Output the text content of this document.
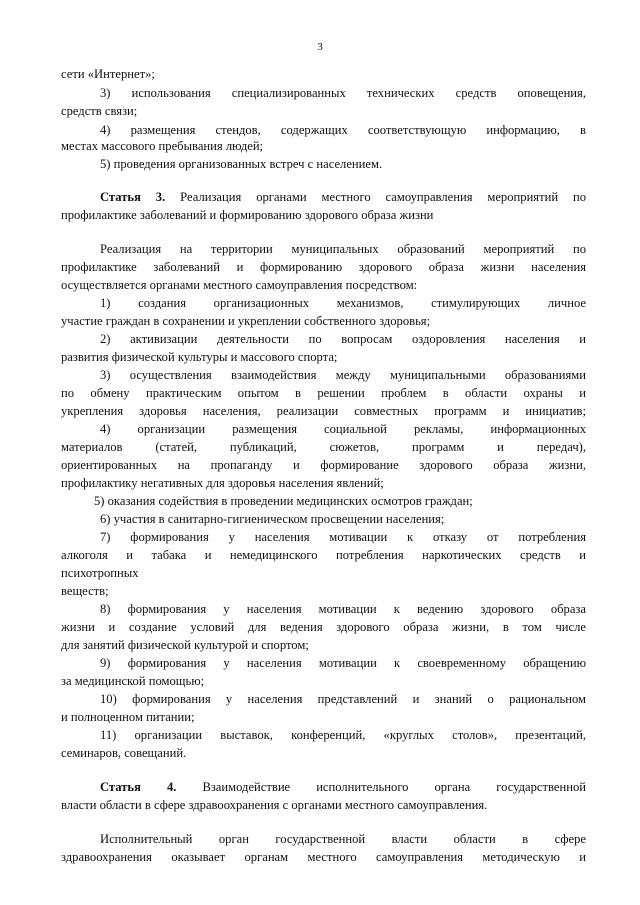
3
сети «Интернет»;
3) использования специализированных технических средств оповещения,
средств связи;
4) размещения стендов, содержащих соответствующую информацию, в
местах массового пребывания людей;
5) проведения организованных встреч с населением.
Статья 3. Реализация органами местного самоуправления мероприятий по
профилактике заболеваний и формированию здорового образа жизни
Реализация на территории муниципальных образований мероприятий по
профилактике заболеваний и формированию здорового образа жизни населения
осуществляется органами местного самоуправления посредством:
1) создания организационных механизмов, стимулирующих личное
участие граждан в сохранении и укреплении собственного здоровья;
2) активизации деятельности по вопросам оздоровления населения и
развития физической культуры и массового спорта;
3) осуществления взаимодействия между муниципальными образованиями
по обмену практическим опытом в решении проблем в области охраны и
укрепления здоровья населения, реализации совместных программ и инициатив;
4) организации размещения социальной рекламы, информационных
материалов (статей, публикаций, сюжетов, программ и передач),
ориентированных на пропаганду и формирование здорового образа жизни,
профилактику негативных для здоровья населения явлений;
5) оказания содействия в проведении медицинских осмотров граждан;
6) участия в санитарно-гигиеническом просвещении населения;
7) формирования у населения мотивации к отказу от потребления
алкоголя и табака и немедицинского потребления наркотических средств и
психотропных
веществ;
8) формирования у населения мотивации к ведению здорового образа
жизни и создание условий для ведения здорового образа жизни, в том числе
для занятий физической культурой и спортом;
9) формирования у населения мотивации к своевременному обращению
за медицинской помощью;
10) формирования у населения представлений и знаний о рациональном
и полноценном питании;
11) организации выставок, конференций, «круглых столов», презентаций,
семинаров, совещаний.
Статья 4. Взаимодействие исполнительного органа государственной
власти области в сфере здравоохранения с органами местного самоуправления.
Исполнительный орган государственной власти области в сфере
здравоохранения оказывает органам местного самоуправления методическую и
